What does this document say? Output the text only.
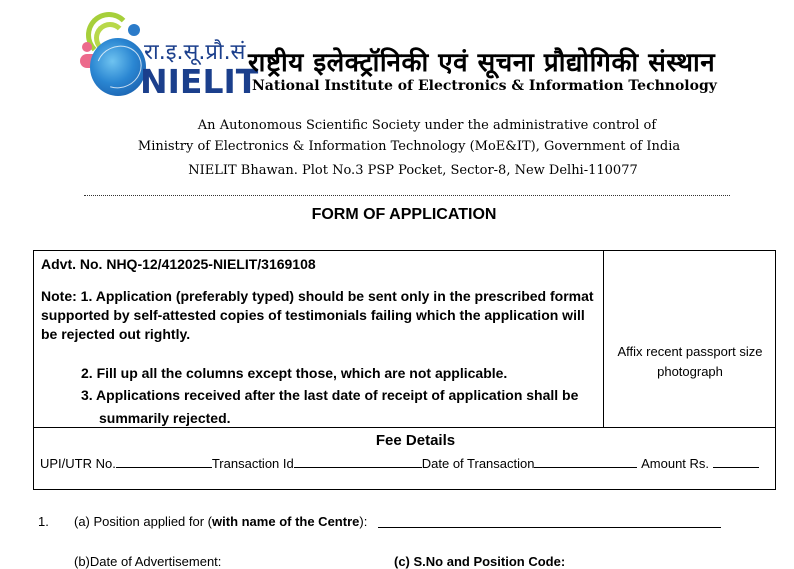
रा.इ.सू.प्रौ.सं
NIELIT
राष्ट्रीय इलेक्ट्रॉनिकी एवं सूचना प्रौद्योगिकी संस्थान
National Institute of Electronics & Information Technology
An Autonomous Scientific Society under the administrative control of
Ministry of Electronics & Information Technology (MoE&IT), Government of India
NIELIT Bhawan. Plot No.3 PSP Pocket, Sector-8, New Delhi-110077
FORM OF APPLICATION
Advt. No. NHQ-12/412025-NIELIT/3169108
Note: 1. Application (preferably typed) should be sent only in the prescribed format supported by self-attested copies of testimonials failing which the application will be rejected out rightly.
2. Fill up all the columns except those, which are not applicable.
3. Applications received after the last date of receipt of application shall be
summarily rejected.
Affix recent passport size photograph
Fee Details
UPI/UTR No.	Transaction Id	Date of Transaction	Amount Rs.
1. (a) Position applied for (with name of the Centre):
(b)Date of Advertisement:	(c) S.No and Position Code:
